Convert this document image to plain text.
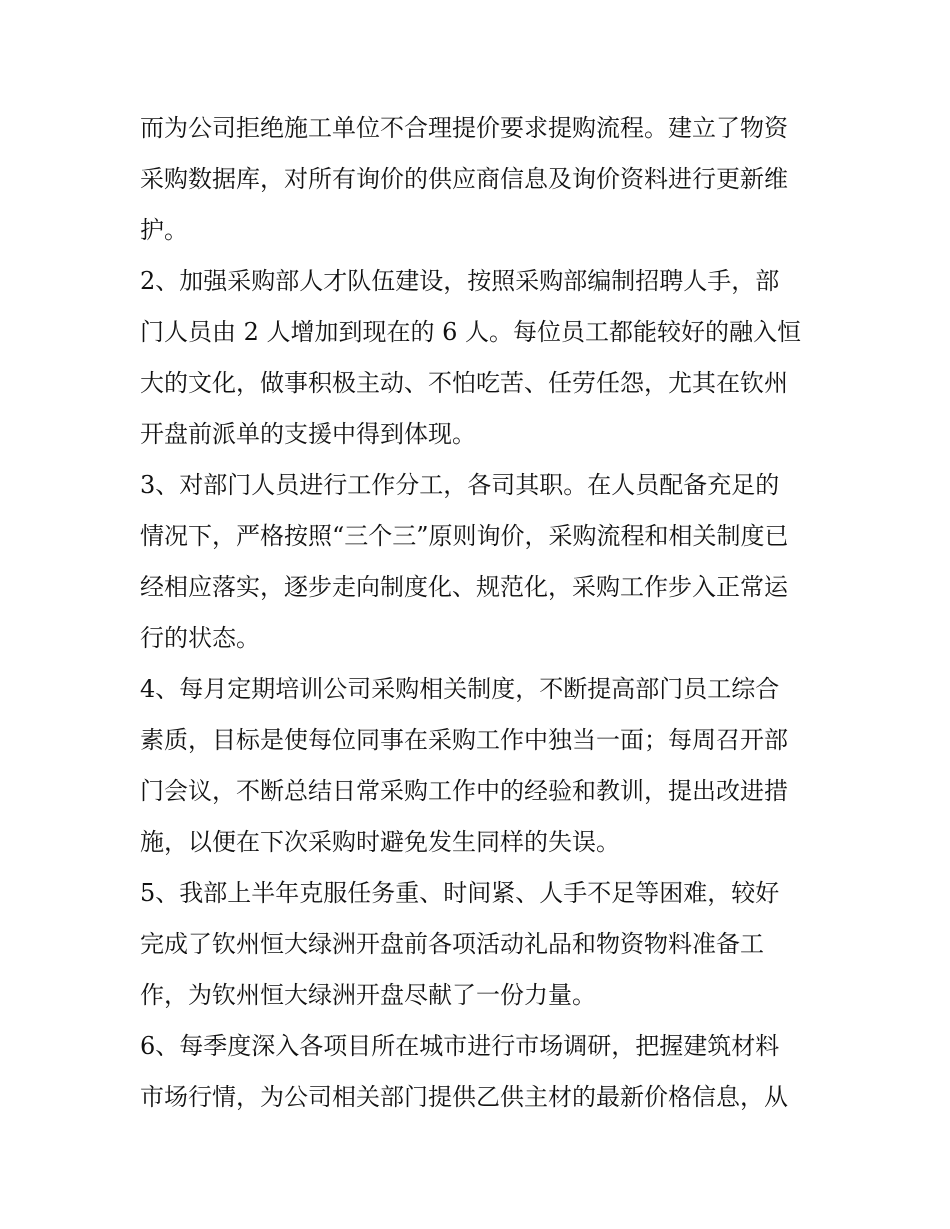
而为公司拒绝施工单位不合理提价要求提购流程。建立了物资
采购数据库，对所有询价的供应商信息及询价资料进行更新维
护。
2、加强采购部人才队伍建设，按照采购部编制招聘人手，部
门人员由 2 人增加到现在的 6 人。每位员工都能较好的融入恒
大的文化，做事积极主动、不怕吃苦、任劳任怨，尤其在钦州
开盘前派单的支援中得到体现。
3、对部门人员进行工作分工，各司其职。在人员配备充足的
情况下，严格按照“三个三”原则询价，采购流程和相关制度已
经相应落实，逐步走向制度化、规范化，采购工作步入正常运
行的状态。
4、每月定期培训公司采购相关制度，不断提高部门员工综合
素质，目标是使每位同事在采购工作中独当一面；每周召开部
门会议，不断总结日常采购工作中的经验和教训，提出改进措
施，以便在下次采购时避免发生同样的失误。
5、我部上半年克服任务重、时间紧、人手不足等困难，较好
完成了钦州恒大绿洲开盘前各项活动礼品和物资物料准备工
作，为钦州恒大绿洲开盘尽献了一份力量。
6、每季度深入各项目所在城市进行市场调研，把握建筑材料
市场行情，为公司相关部门提供乙供主材的最新价格信息，从
